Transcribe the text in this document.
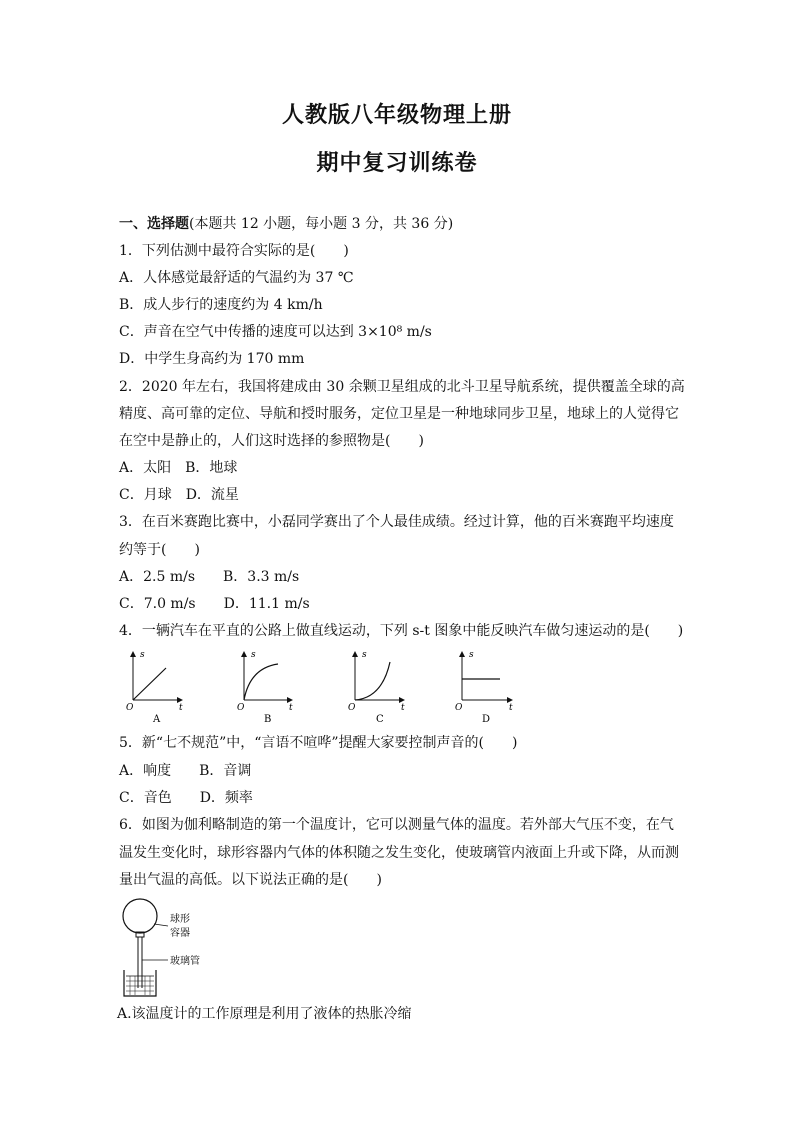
人教版八年级物理上册
期中复习训练卷
一、选择题(本题共 12 小题，每小题 3 分，共 36 分)
1．下列估测中最符合实际的是(　　)
A．人体感觉最舒适的气温约为 37 ℃
B．成人步行的速度约为 4 km/h
C．声音在空气中传播的速度可以达到 3×10⁸ m/s
D．中学生身高约为 170 mm
2．2020 年左右，我国将建成由 30 余颗卫星组成的北斗卫星导航系统，提供覆盖全球的高
精度、高可靠的定位、导航和授时服务，定位卫星是一种地球同步卫星，地球上的人觉得它
在空中是静止的，人们这时选择的参照物是(　　)
A．太阳　B．地球
C．月球　D．流星
3．在百米赛跑比赛中，小磊同学赛出了个人最佳成绩。经过计算，他的百米赛跑平均速度
约等于(　　)
A．2.5 m/s　　B．3.3 m/s
C．7.0 m/s　　D．11.1 m/s
4．一辆汽车在平直的公路上做直线运动，下列 s-t 图象中能反映汽车做匀速运动的是(　　)
s
t
O
A
s
t
O
B
s
t
O
C
s
t
O
D
5．新“七不规范”中，“言语不喧哗”提醒大家要控制声音的(　　)
A．响度　　B．音调
C．音色　　D．频率
6．如图为伽利略制造的第一个温度计，它可以测量气体的温度。若外部大气压不变，在气
温发生变化时，球形容器内气体的体积随之发生变化，使玻璃管内液面上升或下降，从而测
量出气温的高低。以下说法正确的是(　　)
球形
容器
玻璃管
A.该温度计的工作原理是利用了液体的热胀冷缩
